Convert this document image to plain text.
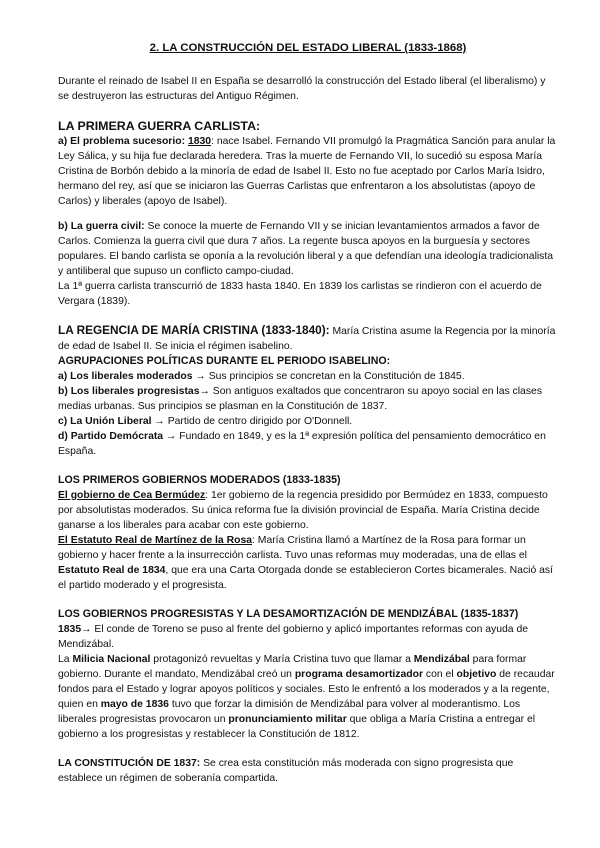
2. LA CONSTRUCCIÓN DEL ESTADO LIBERAL (1833-1868)

Durante el reinado de Isabel II en España se desarrolló la construcción del Estado liberal (el liberalismo) y se destruyeron las estructuras del Antiguo Régimen.

LA PRIMERA GUERRA CARLISTA:

a) El problema sucesorio: 1830: nace Isabel. Fernando VII promulgó la Pragmática Sanción para anular la Ley Sálica, y su hija fue declarada heredera. Tras la muerte de Fernando VII, lo sucedió su esposa María Cristina de Borbón debido a la minoría de edad de Isabel II. Esto no fue aceptado por Carlos María Isidro, hermano del rey, así que se iniciaron las Guerras Carlistas que enfrentaron a los absolutistas (apoyo de Carlos) y liberales (apoyo de Isabel).

b) La guerra civil: Se conoce la muerte de Fernando VII y se inician levantamientos armados a favor de Carlos. Comienza la guerra civil que dura 7 años. La regente busca apoyos en la burguesía y sectores populares. El bando carlista se oponía a la revolución liberal y a que defendían una ideología tradicionalista y antiliberal que supuso un conflicto campo-ciudad.

La 1ª guerra carlista transcurrió de 1833 hasta 1840. En 1839 los carlistas se rindieron con el acuerdo de Vergara (1839).

LA REGENCIA DE MARÍA CRISTINA (1833-1840): María Cristina asume la Regencia por la minoría de edad de Isabel II. Se inicia el régimen isabelino.

AGRUPACIONES POLÍTICAS DURANTE EL PERIODO ISABELINO:

a) Los liberales moderados → Sus principios se concretan en la Constitución de 1845.

b) Los liberales progresistas→ Son antiguos exaltados que concentraron su apoyo social en las clases medias urbanas. Sus principios se plasman en la Constitución de 1837.

c) La Unión Liberal → Partido de centro dirigido por O'Donnell.

d) Partido Demócrata → Fundado en 1849, y es la 1ª expresión política del pensamiento democrático en España.

LOS PRIMEROS GOBIERNOS MODERADOS (1833-1835)

El gobierno de Cea Bermúdez: 1er gobierno de la regencia presidido por Bermúdez en 1833, compuesto por absolutistas moderados. Su única reforma fue la división provincial de España. María Cristina decide ganarse a los liberales para acabar con este gobierno.

El Estatuto Real de Martínez de la Rosa: María Cristina llamó a Martínez de la Rosa para formar un gobierno y hacer frente a la insurrección carlista. Tuvo unas reformas muy moderadas, una de ellas el Estatuto Real de 1834, que era una Carta Otorgada donde se establecieron Cortes bicamerales. Nació así el partido moderado y el progresista.

LOS GOBIERNOS PROGRESISTAS Y LA DESAMORTIZACIÓN DE MENDIZÁBAL (1835-1837)

1835→ El conde de Toreno se puso al frente del gobierno y aplicó importantes reformas con ayuda de Mendizábal.

La Milicia Nacional protagonizó revueltas y María Cristina tuvo que llamar a Mendizábal para formar gobierno. Durante el mandato, Mendizábal creó un programa desamortizador con el objetivo de recaudar fondos para el Estado y lograr apoyos políticos y sociales. Esto le enfrentó a los moderados y a la regente, quien en mayo de 1836 tuvo que forzar la dimisión de Mendizábal para volver al moderantismo. Los liberales progresistas provocaron un pronunciamiento militar que obliga a María Cristina a entregar el gobierno a los progresistas y restablecer la Constitución de 1812.

LA CONSTITUCIÓN DE 1837: Se crea esta constitución más moderada con signo progresista que establece un régimen de soberanía compartida.
